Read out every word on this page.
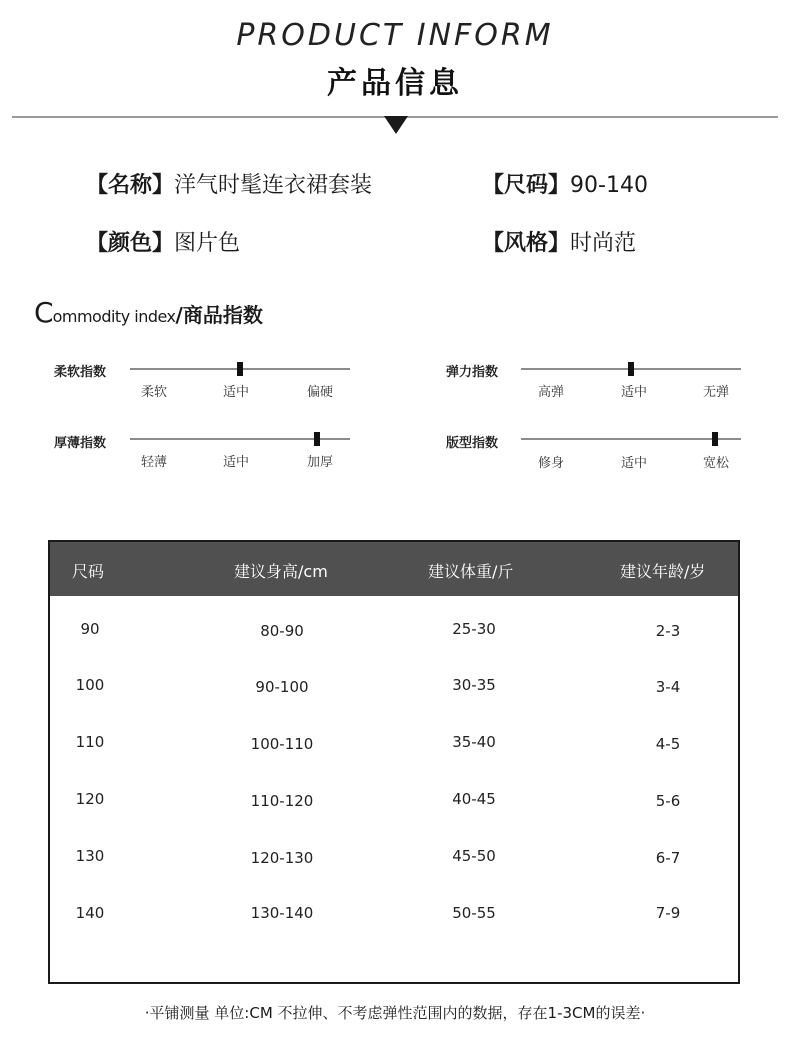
PRODUCT INFORM
产品信息
【名称】洋气时髦连衣裙套装	【尺码】90-140
【颜色】图片色	【风格】时尚范
Commodity index/商品指数
柔软指数
柔软	适中	偏硬
弹力指数
高弹	适中	无弹
厚薄指数
轻薄	适中	加厚
版型指数
修身	适中	宽松
尺码	建议身高/cm	建议体重/斤	建议年龄/岁
90	80-90	25-30	2-3
100	90-100	30-35	3-4
110	100-110	35-40	4-5
120	110-120	40-45	5-6
130	120-130	45-50	6-7
140	130-140	50-55	7-9
·平铺测量 单位:CM 不拉伸、不考虑弹性范围内的数据，存在1-3CM的误差·
